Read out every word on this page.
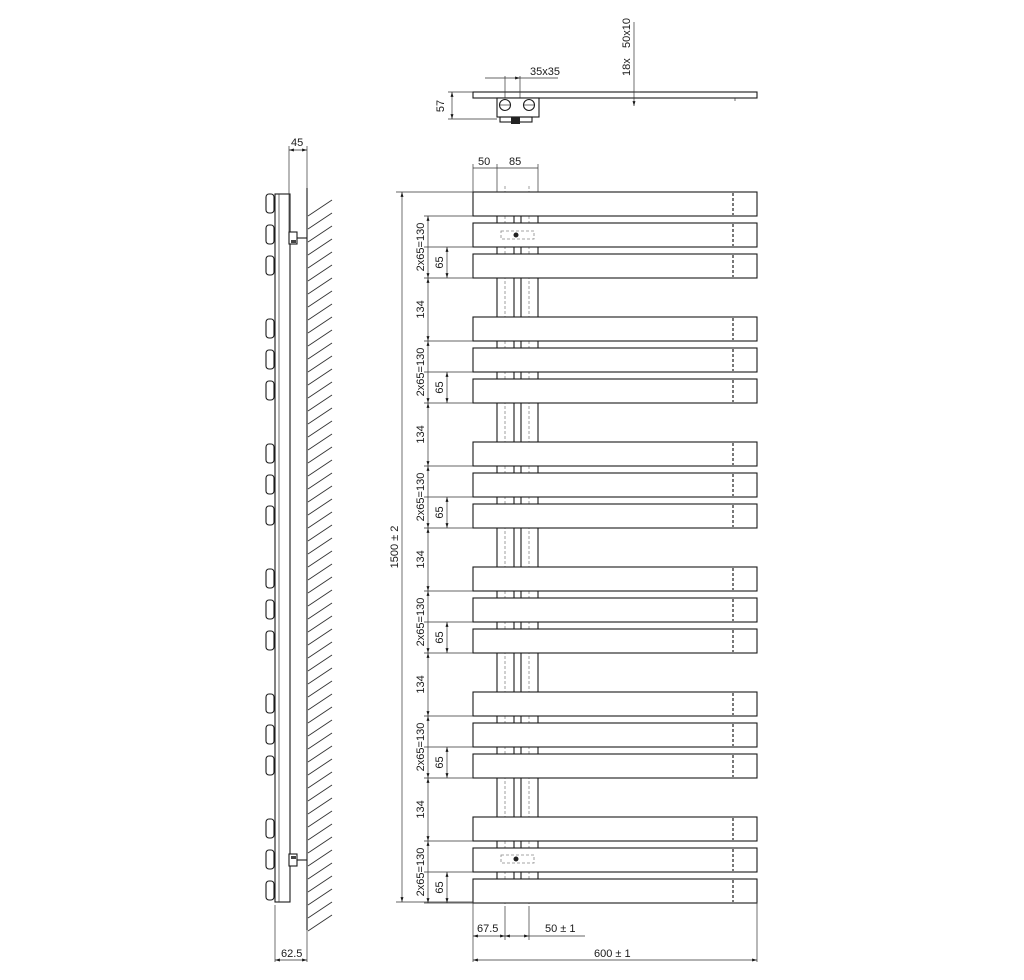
57
35x35	18x
50x10
45
62.5
50 85
1500 ± 2
2x65=130 65
134
2x65=130 65
134
2x65=130 65
134
2x65=130 65
134
2x65=130 65
134
2x65=130 65
67.5	50 ± 1
600 ± 1
